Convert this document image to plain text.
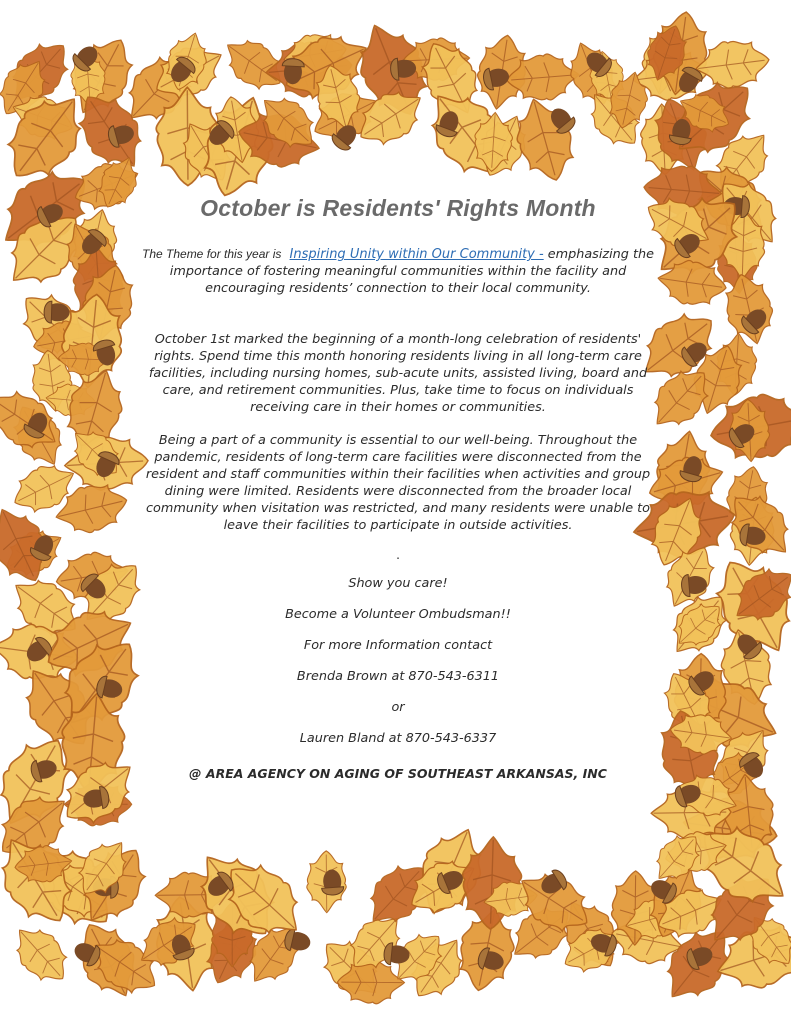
October is Residents' Rights Month
The Theme for this year is Inspiring Unity within Our Community - emphasizing the importance of fostering meaningful communities within the facility and encouraging residents’ connection to their local community.

October 1st marked the beginning of a month-long celebration of residents' rights. Spend time this month honoring residents living in all long-term care facilities, including nursing homes, sub-acute units, assisted living, board and care, and retirement communities. Plus, take time to focus on individuals receiving care in their homes or communities.

Being a part of a community is essential to our well-being. Throughout the pandemic, residents of long-term care facilities were disconnected from the resident and staff communities within their facilities when activities and group dining were limited. Residents were disconnected from the broader local community when visitation was restricted, and many residents were unable to leave their facilities to participate in outside activities.

.

Show you care!

Become a Volunteer Ombudsman!!

For more Information contact

Brenda Brown at 870-543-6311

or

Lauren Bland at 870-543-6337

@ AREA AGENCY ON AGING OF SOUTHEAST ARKANSAS, INC
